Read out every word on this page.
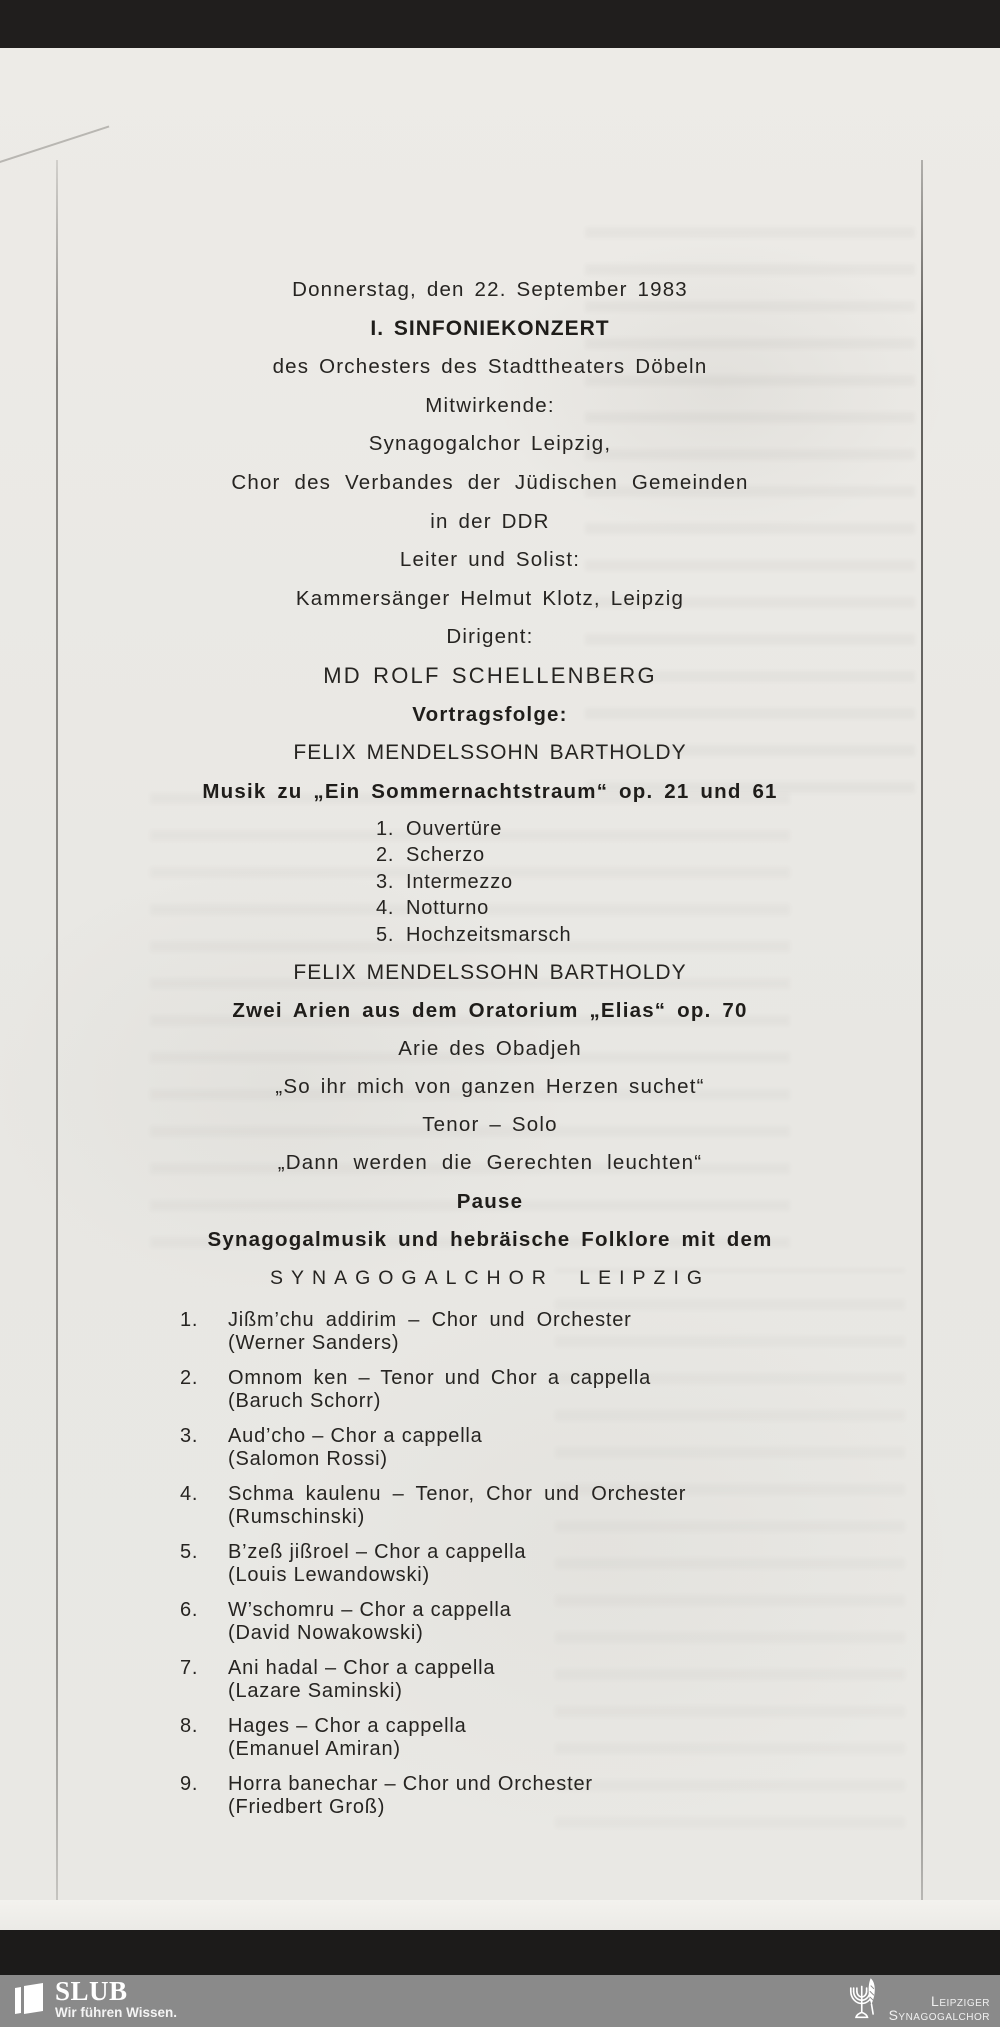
Donnerstag, den 22. September 1983
I. SINFONIEKONZERT
des Orchesters des Stadttheaters Döbeln
Mitwirkende:
Synagogalchor Leipzig,
Chor des Verbandes der Jüdischen Gemeinden
in der DDR
Leiter und Solist:
Kammersänger Helmut Klotz, Leipzig
Dirigent:
MD ROLF SCHELLENBERG
Vortragsfolge:
FELIX MENDELSSOHN BARTHOLDY
Musik zu „Ein Sommernachtstraum“ op. 21 und 61
1. Ouvertüre
2. Scherzo
3. Intermezzo
4. Notturno
5. Hochzeitsmarsch
FELIX MENDELSSOHN BARTHOLDY
Zwei Arien aus dem Oratorium „Elias“ op. 70
Arie des Obadjeh
„So ihr mich von ganzen Herzen suchet“
Tenor – Solo
„Dann werden die Gerechten leuchten“
Pause
Synagogalmusik und hebräische Folklore mit dem
SYNAGOGALCHOR LEIPZIG
1. Jißm’chu addirim – Chor und Orchester
(Werner Sanders)
2. Omnom ken – Tenor und Chor a cappella
(Baruch Schorr)
3. Aud’cho – Chor a cappella
(Salomon Rossi)
4. Schma kaulenu – Tenor, Chor und Orchester
(Rumschinski)
5. B’zeß jißroel – Chor a cappella
(Louis Lewandowski)
6. W’schomru – Chor a cappella
(David Nowakowski)
7. Ani hadal – Chor a cappella
(Lazare Saminski)
8. Hages – Chor a cappella
(Emanuel Amiran)
9. Horra banechar – Chor und Orchester
(Friedbert Groß)
SLUB
Wir führen Wissen.
Leipziger
Synagogalchor
